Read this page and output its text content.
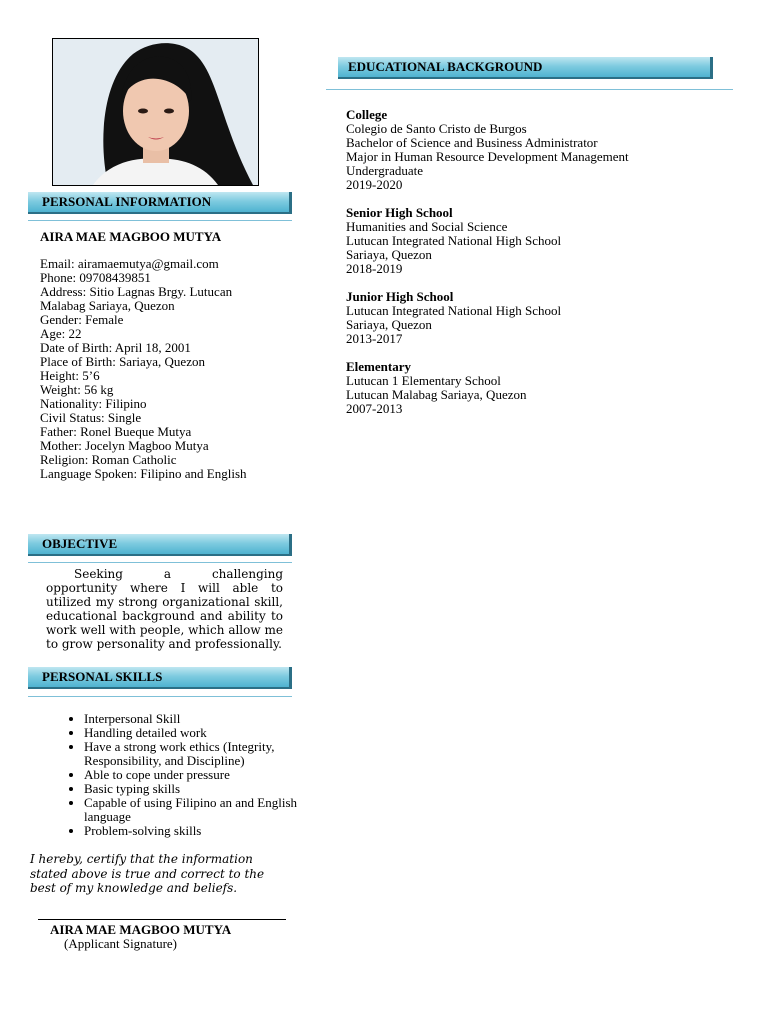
PERSONAL INFORMATION
AIRA MAE MAGBOO MUTYA
Email: airamaemutya@gmail.com
Phone: 09708439851
Address: Sitio Lagnas Brgy. Lutucan
Malabag Sariaya, Quezon
Gender: Female
Age: 22
Date of Birth: April 18, 2001
Place of Birth: Sariaya, Quezon
Height: 5’6
Weight: 56 kg
Nationality: Filipino
Civil Status: Single
Father: Ronel Bueque Mutya
Mother: Jocelyn Magboo Mutya
Religion: Roman Catholic
Language Spoken: Filipino and English
OBJECTIVE
Seeking a challenging opportunity where I will able to utilized my strong organizational skill, educational background and ability to work well with people, which allow me to grow personality and professionally.
PERSONAL SKILLS
• Interpersonal Skill
• Handling detailed work
• Have a strong work ethics (Integrity, Responsibility, and Discipline)
• Able to cope under pressure
• Basic typing skills
• Capable of using Filipino an and English language
• Problem-solving skills
I hereby, certify that the information stated above is true and correct to the best of my knowledge and beliefs.
AIRA MAE MAGBOO MUTYA
(Applicant Signature)
EDUCATIONAL BACKGROUND
College
Colegio de Santo Cristo de Burgos
Bachelor of Science and Business Administrator
Major in Human Resource Development Management
Undergraduate
2019-2020
Senior High School
Humanities and Social Science
Lutucan Integrated National High School
Sariaya, Quezon
2018-2019
Junior High School
Lutucan Integrated National High School
Sariaya, Quezon
2013-2017
Elementary
Lutucan 1 Elementary School
Lutucan Malabag Sariaya, Quezon
2007-2013
